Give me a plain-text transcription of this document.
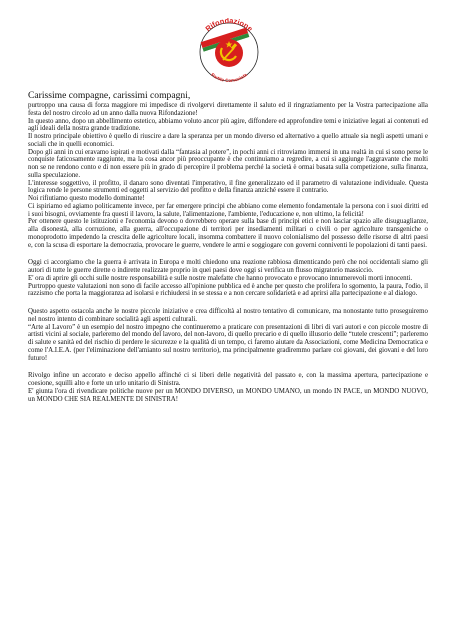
Rifondazione
Partito Comunista
Carissime compagne, carissimi compagni,

purtroppo una causa di forza maggiore mi impedisce di rivolgervi direttamente il saluto ed il ringraziamento per la Vostra partecipazione alla festa del nostro circolo ad un anno dalla nuova Rifondazione!

In questo anno, dopo un abbellimento estetico, abbiamo voluto ancor più agire, diffondere ed approfondire temi e iniziative legati ai contenuti ed agli ideali della nostra grande tradizione.

Il nostro principale obiettivo è quello di riuscire a dare la speranza per un mondo diverso ed alternativo a quello attuale sia negli aspetti umani e sociali che in quelli economici.

Dopo gli anni in cui eravamo ispirati e motivati dalla “fantasia al potere”, in pochi anni ci ritroviamo immersi in una realtà in cui si sono perse le conquiste faticosamente raggiunte, ma la cosa ancor più preoccupante è che continuiamo a regredire, a cui si aggiunge l'aggravante che molti non se ne rendono conto e di non essere più in grado di percepire il problema perché la società è ormai basata sulla competizione, sulla finanza, sulla speculazione.

L'interesse soggettivo, il profitto, il danaro sono diventati l'imperativo, il fine generalizzato ed il parametro di valutazione individuale. Questa logica rende le persone strumenti ed oggetti al servizio del profitto e della finanza anziché essere il contrario.

Noi rifiutiamo questo modello dominante!

Ci ispiriamo ed agiamo politicamente invece, per far emergere principi che abbiano come elemento fondamentale la persona con i suoi diritti ed i suoi bisogni, ovviamente fra questi il lavoro, la salute, l'alimentazione, l'ambiente, l'educazione e, non ultimo, la felicità!

Per ottenere questo le istituzioni e l'economia devono o dovrebbero operare sulla base di principi etici e non lasciar spazio alle disuguaglianze, alla disonestà, alla corruzione, alla guerra, all'occupazione di territori per insediamenti militari o civili o per agricolture transgeniche o monoprodotto impedendo la crescita delle agricolture locali, insomma combattere il nuovo colonialismo del possesso delle risorse di altri paesi e, con la scusa di esportare la democrazia, provocare le guerre, vendere le armi e soggiogare con governi conniventi le popolazioni di tanti paesi.

Oggi ci accorgiamo che la guerra è arrivata in Europa e molti chiedono una reazione rabbiosa dimenticando però che noi occidentali siamo gli autori di tutte le guerre dirette o indirette realizzate proprio in quei paesi dove oggi si verifica un flusso migratorio massiccio.

E' ora di aprire gli occhi sulle nostre responsabilità e sulle nostre malefatte che hanno provocato e provocano innumerevoli morti innocenti.

Purtroppo queste valutazioni non sono di facile accesso all'opinione pubblica ed è anche per questo che prolifera lo sgomento, la paura, l'odio, il razzismo che porta la maggioranza ad isolarsi e richiudersi in se stessa e a non cercare solidarietà e ad aprirsi alla partecipazione e al dialogo.

Questo aspetto ostacola anche le nostre piccole iniziative e crea difficoltà al nostro tentativo di comunicare, ma nonostante tutto proseguiremo nel nostro intento di combinare socialità agli aspetti culturali.

“Arte al Lavoro” è un esempio del nostro impegno che continueremo a praticare con presentazioni di libri di vari autori e con piccole mostre di artisti vicini al sociale, parleremo del mondo del lavoro, del non-lavoro, di quello precario e di quello illusorio delle “tutele crescenti”; parleremo di salute e sanità ed del rischio di perdere le sicurezze e la qualità di un tempo, ci faremo aiutare da Associazioni, come Medicina Democratica e come l'A.I.E.A. (per l'eliminazione dell'amianto sul nostro territorio), ma principalmente gradiremmo parlare coi giovani, dei giovani e del loro futuro!

Rivolgo infine un accorato e deciso appello affinché ci si liberi delle negatività del passato e, con la massima apertura, partecipazione e coesione, squilli alto e forte un urlo unitario di Sinistra.

E' giunta l'ora di rivendicare politiche nuove per un MONDO DIVERSO, un MONDO UMANO, un mondo IN PACE, un MONDO NUOVO, un MONDO CHE SIA REALMENTE DI SINISTRA!
